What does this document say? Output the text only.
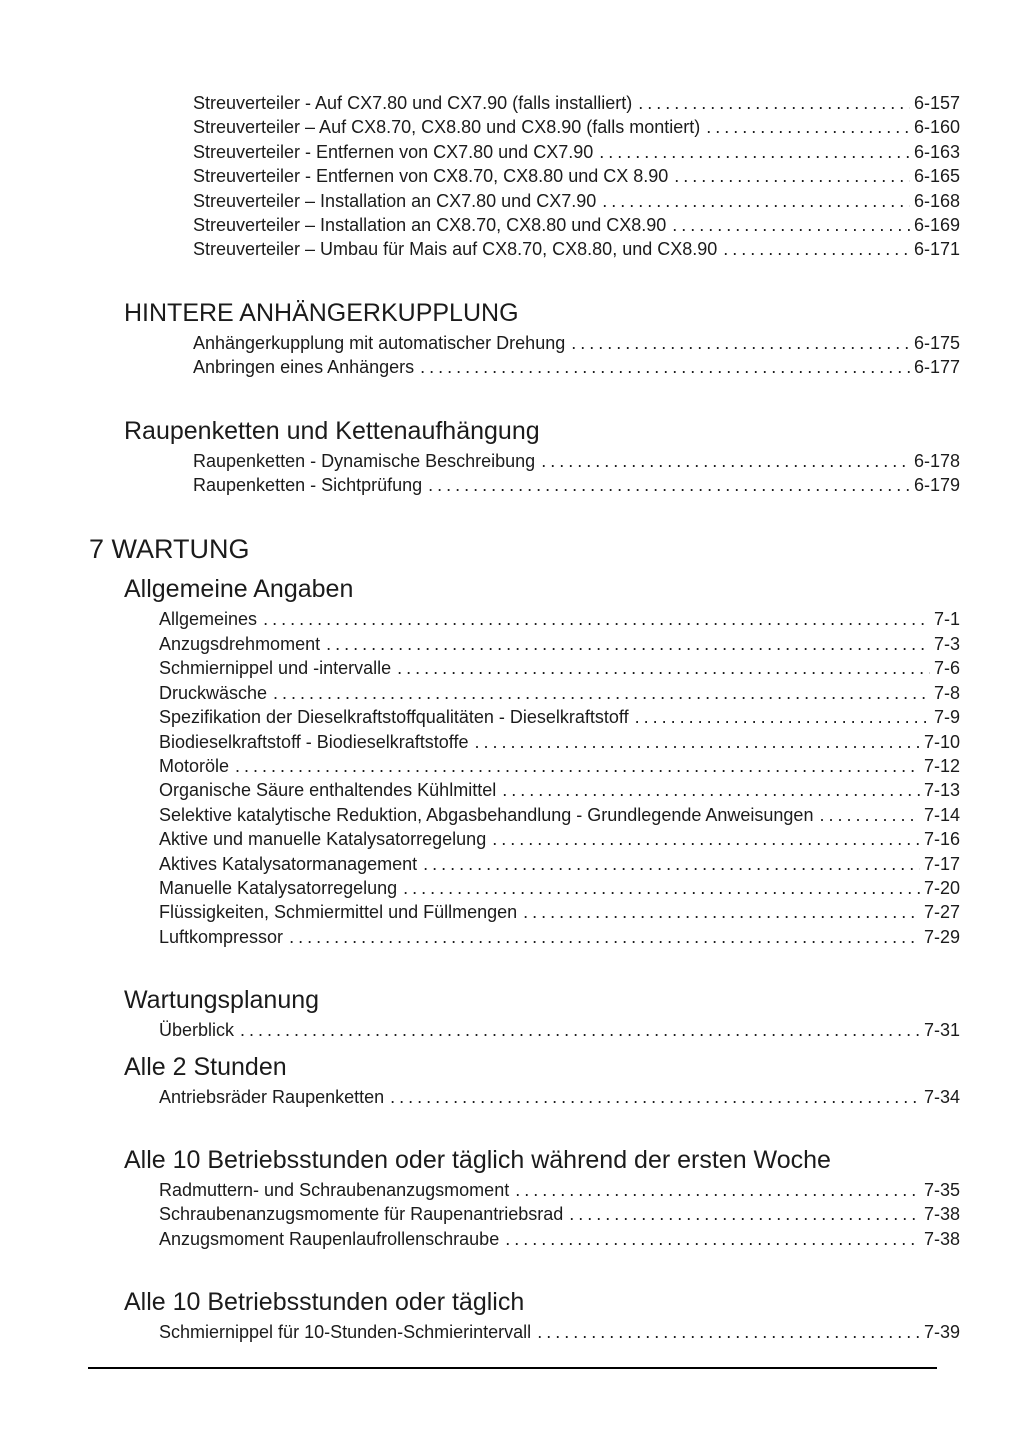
Streuverteiler - Auf CX7.80 und CX7.90 (falls installiert) .....	6-157
Streuverteiler – Auf CX8.70, CX8.80 und CX8.90 (falls montiert) .....	6-160
Streuverteiler - Entfernen von CX7.80 und CX7.90 .....	6-163
Streuverteiler - Entfernen von CX8.70, CX8.80 und CX 8.90 .....	6-165
Streuverteiler – Installation an CX7.80 und CX7.90 .....	6-168
Streuverteiler – Installation an CX8.70, CX8.80 und CX8.90 .....	6-169
Streuverteiler – Umbau für Mais auf CX8.70, CX8.80, und CX8.90 .....	6-171
HINTERE ANHÄNGERKUPPLUNG
Anhängerkupplung mit automatischer Drehung .....	6-175
Anbringen eines Anhängers .....	6-177
Raupenketten und Kettenaufhängung
Raupenketten - Dynamische Beschreibung .....	6-178
Raupenketten - Sichtprüfung .....	6-179
7 WARTUNG
Allgemeine Angaben
Allgemeines .....	7-1
Anzugsdrehmoment .....	7-3
Schmiernippel und -intervalle .....	7-6
Druckwäsche .....	7-8
Spezifikation der Dieselkraftstoffqualitäten - Dieselkraftstoff .....	7-9
Biodieselkraftstoff - Biodieselkraftstoffe .....	7-10
Motoröle .....	7-12
Organische Säure enthaltendes Kühlmittel .....	7-13
Selektive katalytische Reduktion, Abgasbehandlung - Grundlegende Anweisungen .....	7-14
Aktive und manuelle Katalysatorregelung .....	7-16
Aktives Katalysatormanagement .....	7-17
Manuelle Katalysatorregelung .....	7-20
Flüssigkeiten, Schmiermittel und Füllmengen .....	7-27
Luftkompressor .....	7-29
Wartungsplanung
Überblick .....	7-31
Alle 2 Stunden
Antriebsräder Raupenketten .....	7-34
Alle 10 Betriebsstunden oder täglich während der ersten Woche
Radmuttern- und Schraubenanzugsmoment .....	7-35
Schraubenanzugsmomente für Raupenantriebsrad .....	7-38
Anzugsmoment Raupenlaufrollenschraube .....	7-38
Alle 10 Betriebsstunden oder täglich
Schmiernippel für 10-Stunden-Schmierintervall .....	7-39
